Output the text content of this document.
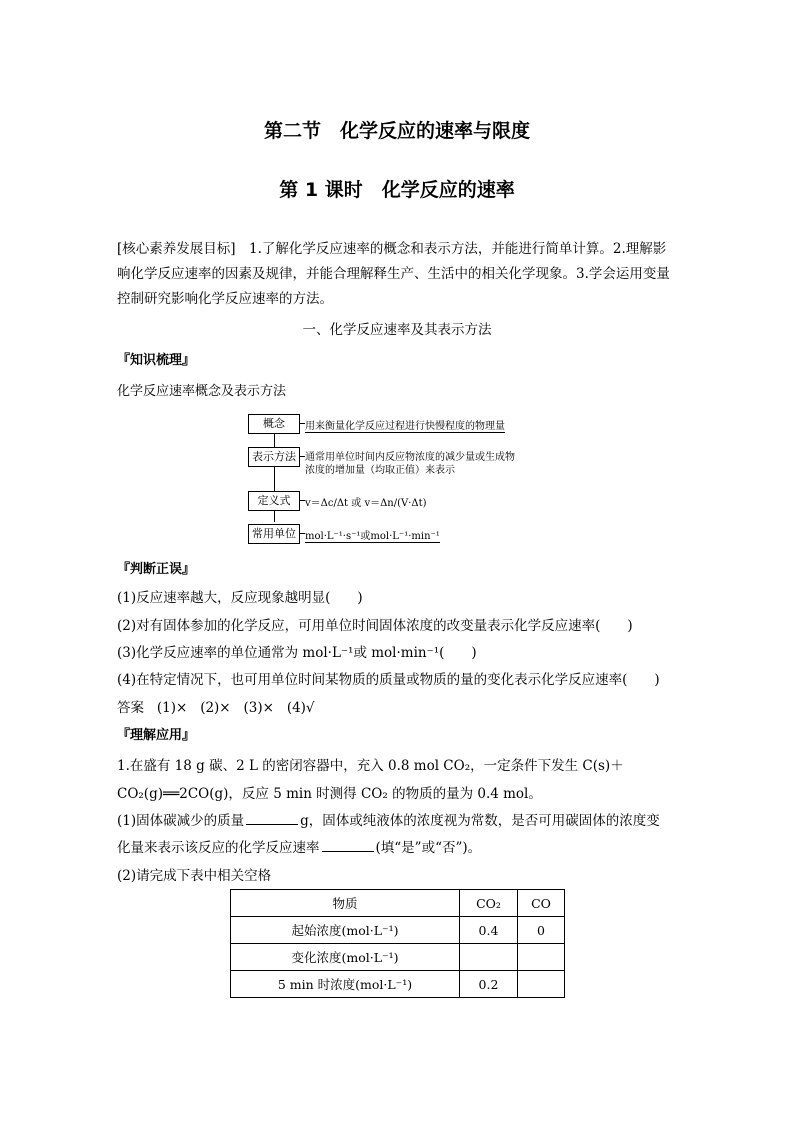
第二节　化学反应的速率与限度
第 1 课时　化学反应的速率
[核心素养发展目标]　1.了解化学反应速率的概念和表示方法，并能进行简单计算。2.理解影响化学反应速率的因素及规律，并能合理解释生产、生活中的相关化学现象。3.学会运用变量控制研究影响化学反应速率的方法。
一、化学反应速率及其表示方法
『知识梳理』
化学反应速率概念及表示方法
概念	用来衡量化学反应过程进行快慢程度的物理量
表示方法 通常用单位时间内反应物浓度的减少量或生成物
浓度的增加量（均取正值）来表示
定义式	v＝Δc/Δt 或 v＝Δn/(V·Δt)
常用单位 mol·L⁻¹·s⁻¹或mol·L⁻¹·min⁻¹
『判断正误』
(1)反应速率越大，反应现象越明显(　　)
(2)对有固体参加的化学反应，可用单位时间固体浓度的改变量表示化学反应速率(　　)
(3)化学反应速率的单位通常为 mol·L⁻¹或 mol·min⁻¹(　　)
(4)在特定情况下，也可用单位时间某物质的质量或物质的量的变化表示化学反应速率(　　)
答案 (1)× (2)× (3)× (4)√
『理解应用』
1.在盛有 18 g 碳、2 L 的密闭容器中，充入 0.8 mol CO₂，一定条件下发生 C(s)＋
CO₂(g)══2CO(g)，反应 5 min 时测得 CO₂ 的物质的量为 0.4 mol。
(1)固体碳减少的质量	g，固体或纯液体的浓度视为常数，是否可用碳固体的浓度变
化量来表示该反应的化学反应速率	(填“是”或“否”)。
(2)请完成下表中相关空格
物质	CO₂	CO
起始浓度(mol·L⁻¹)	0.4	0
变化浓度(mol·L⁻¹)		
5 min 时浓度(mol·L⁻¹)	0.2	
